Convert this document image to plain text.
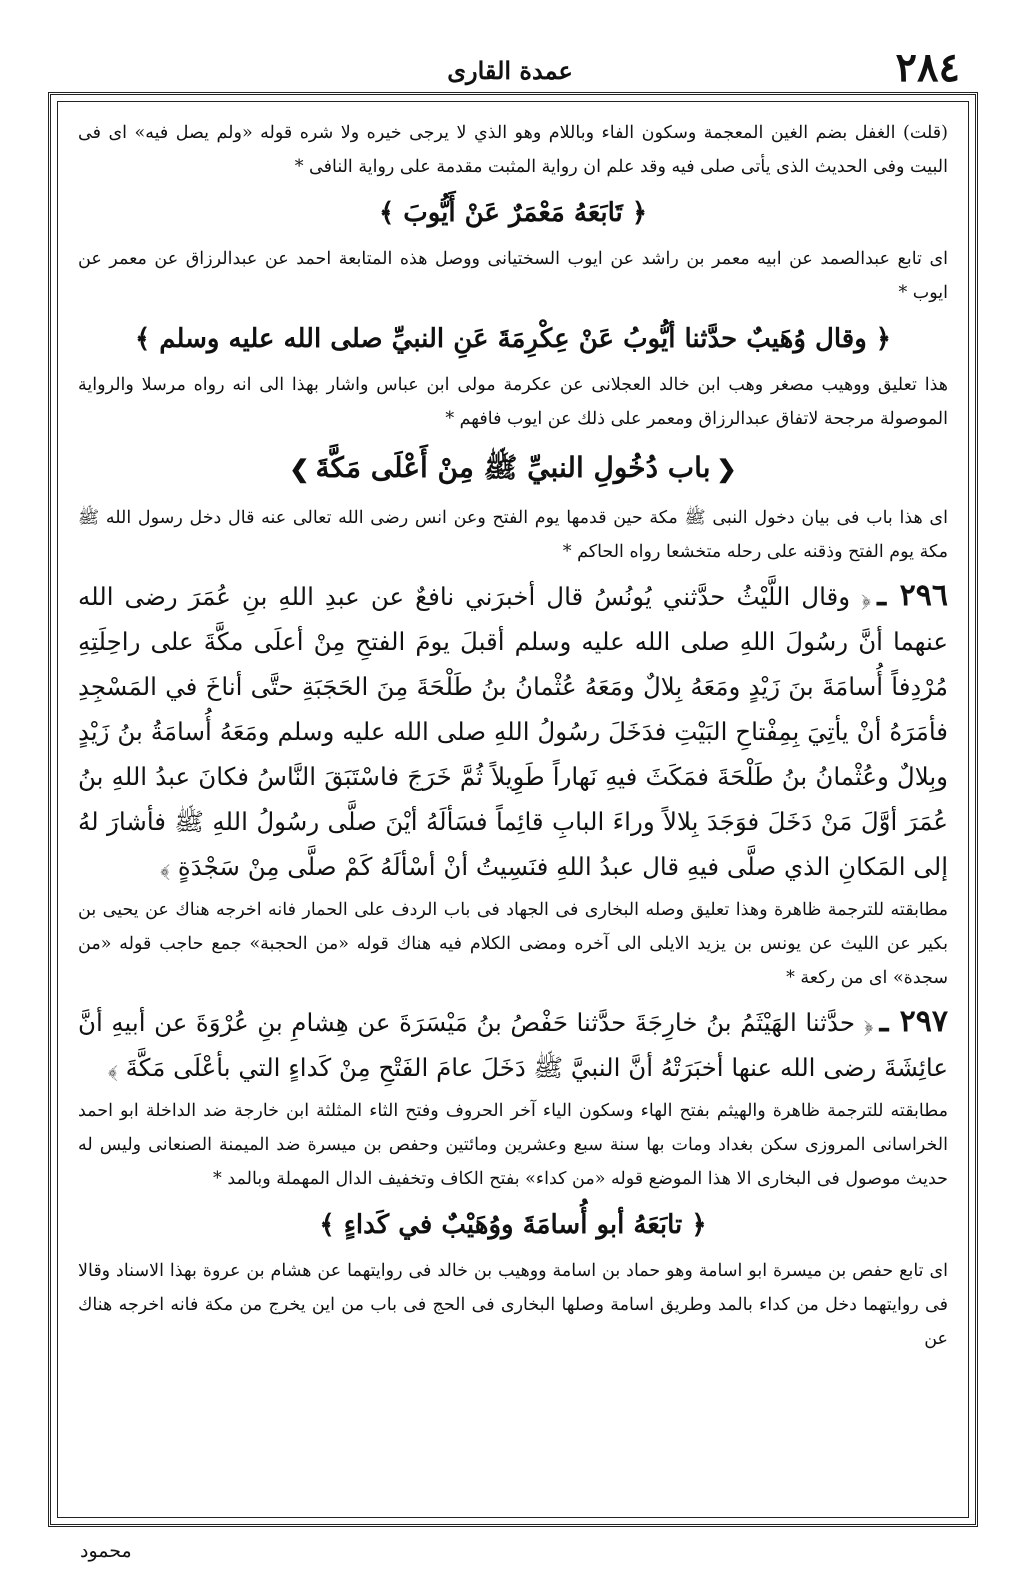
٢٨٤
عمدة القاری

(قلت) الغفل بضم الغين المعجمة وسكون الفاء وباللام وهو الذي لا يرجى خيره ولا شره قوله «ولم يصل فيه» اى فى البيت وفى الحديث الذى يأتى صلى فيه وقد علم ان رواية المثبت مقدمة على رواية النافى *

﴿ تَابَعَهُ مَعْمَرٌ عَنْ أَيُّوبَ ﴾

اى تابع عبدالصمد عن ابيه معمر بن راشد عن ايوب السختيانى ووصل هذه المتابعة احمد عن عبدالرزاق عن معمر عن ايوب *

﴿ وقال وُهَيبٌ حدَّثنا أيُّوبُ عَنْ عِكْرِمَةَ عَنِ النبيِّ صلى الله عليه وسلم ﴾

هذا تعليق ووهيب مصغر وهب ابن خالد العجلانى عن عكرمة مولى ابن عباس واشار بهذا الى انه رواه مرسلا والرواية الموصولة مرجحة لاتفاق عبدالرزاق ومعمر على ذلك عن ايوب فافهم *

❮باب دُخُولِ النبيِّ ﷺ مِنْ أَعْلَى مَكَّةَ❯

اى هذا باب فى بيان دخول النبى ﷺ مكة حين قدمها يوم الفتح وعن انس رضى الله تعالى عنه قال دخل رسول الله ﷺ مكة يوم الفتح وذقنه على رحله متخشعا رواه الحاكم *

٢٩٦ ـ﴿ وقال اللَّيْثُ حدَّثني يُونُسُ قال أخبرَني نافعٌ عن عبدِ اللهِ بنِ عُمَرَ رضى الله عنهما أنَّ رسُولَ اللهِ صلى الله عليه وسلم أقبلَ يومَ الفتحِ مِنْ أعلَى مكَّةَ على راحِلَتِهِ مُرْدِفاً أُسامَةَ بنَ زَيْدٍ ومَعَهُ بِلالٌ ومَعَهُ عُثْمانُ بنُ طَلْحَةَ مِنَ الحَجَبَةِ حتَّى أناخَ في المَسْجِدِ فأمَرَهُ أنْ يأتِيَ بِمِفْتاحِ البَيْتِ فدَخَلَ رسُولُ اللهِ صلى الله عليه وسلم ومَعَهُ أُسامَةُ بنُ زَيْدٍ وبِلالٌ وعُثْمانُ بنُ طَلْحَةَ فمَكَثَ فيهِ نَهاراً طَوِيلاً ثُمَّ خَرَجَ فاسْتَبَقَ النَّاسُ فكانَ عبدُ اللهِ بنُ عُمَرَ أوَّلَ مَنْ دَخَلَ فوَجَدَ بِلالاً وراءَ البابِ قائِماً فسَألَهُ أيْنَ صلَّى رسُولُ اللهِ ﷺ فأشارَ لهُ إلى المَكانِ الذي صلَّى فيهِ قال عبدُ اللهِ فنَسِيتُ أنْ أسْألَهُ كَمْ صلَّى مِنْ سَجْدَةٍ ﴾

مطابقته للترجمة ظاهرة وهذا تعليق وصله البخارى فى الجهاد فى باب الردف على الحمار فانه اخرجه هناك عن يحيى بن بكير عن الليث عن يونس بن يزيد الايلى الى آخره ومضى الكلام فيه هناك قوله «من الحجبة» جمع حاجب قوله «من سجدة» اى من ركعة *

٢٩٧ ـ﴿ حدَّثنا الهَيْثَمُ بنُ خارِجَةَ حدَّثنا حَفْصُ بنُ مَيْسَرَةَ عن هِشامِ بنِ عُرْوَةَ عن أبيهِ أنَّ عائِشَةَ رضى الله عنها أخبَرَتْهُ أنَّ النبيَّ ﷺ دَخَلَ عامَ الفَتْحِ مِنْ كَداءٍ التي بأعْلَى مَكَّةَ ﴾

مطابقته للترجمة ظاهرة والهيثم بفتح الهاء وسكون الياء آخر الحروف وفتح الثاء المثلثة ابن خارجة ضد الداخلة ابو احمد الخراسانى المروزى سكن بغداد ومات بها سنة سبع وعشرين ومائتين وحفص بن ميسرة ضد الميمنة الصنعانى وليس له حديث موصول فى البخارى الا هذا الموضع قوله «من كداء» بفتح الكاف وتخفيف الدال المهملة وبالمد *

﴿ تابَعَهُ أبو أُسامَةَ ووُهَيْبٌ في كَداءٍ ﴾

اى تابع حفص بن ميسرة ابو اسامة وهو حماد بن اسامة ووهيب بن خالد فى روايتهما عن هشام بن عروة بهذا الاسناد وقالا فى روايتهما دخل من كداء بالمد وطريق اسامة وصلها البخارى فى الحج فى باب من اين يخرج من مكة فانه اخرجه هناك عن

محمود
